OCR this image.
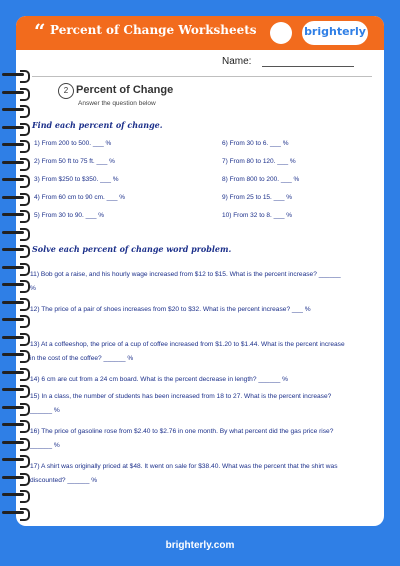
“ Percent of Change Worksheets	brighterly
Name:
2 Percent of Change
Answer the question below
Find each percent of change.
1) From 200 to 500. ___ %
2) From 50 ft to 75 ft. ___ %
3) From $250 to $350. ___ %
4) From 60 cm to 90 cm. ___ %
5) From 30 to 90. ___ %
6) From 30 to 6. ___ %
7) From 80 to 120. ___ %
8) From 800 to 200. ___ %
9) From 25 to 15. ___ %
10) From 32 to 8. ___ %
Solve each percent of change word problem.
11) Bob got a raise, and his hourly wage increased from $12 to $15. What is the percent increase? ______ %
12) The price of a pair of shoes increases from $20 to $32. What is the percent increase? ___ %
13) At a coffeeshop, the price of a cup of coffee increased from $1.20 to $1.44. What is the percent increase in the cost of the coffee? ______ %
14) 6 cm are cut from a 24 cm board. What is the percent decrease in length? ______ %
15) In a class, the number of students has been increased from 18 to 27. What is the percent increase? ______ %
16) The price of gasoline rose from $2.40 to $2.76 in one month. By what percent did the gas price rise? ______ %
17) A shirt was originally priced at $48. It went on sale for $38.40. What was the percent that the shirt was discounted? ______ %
brighterly.com
